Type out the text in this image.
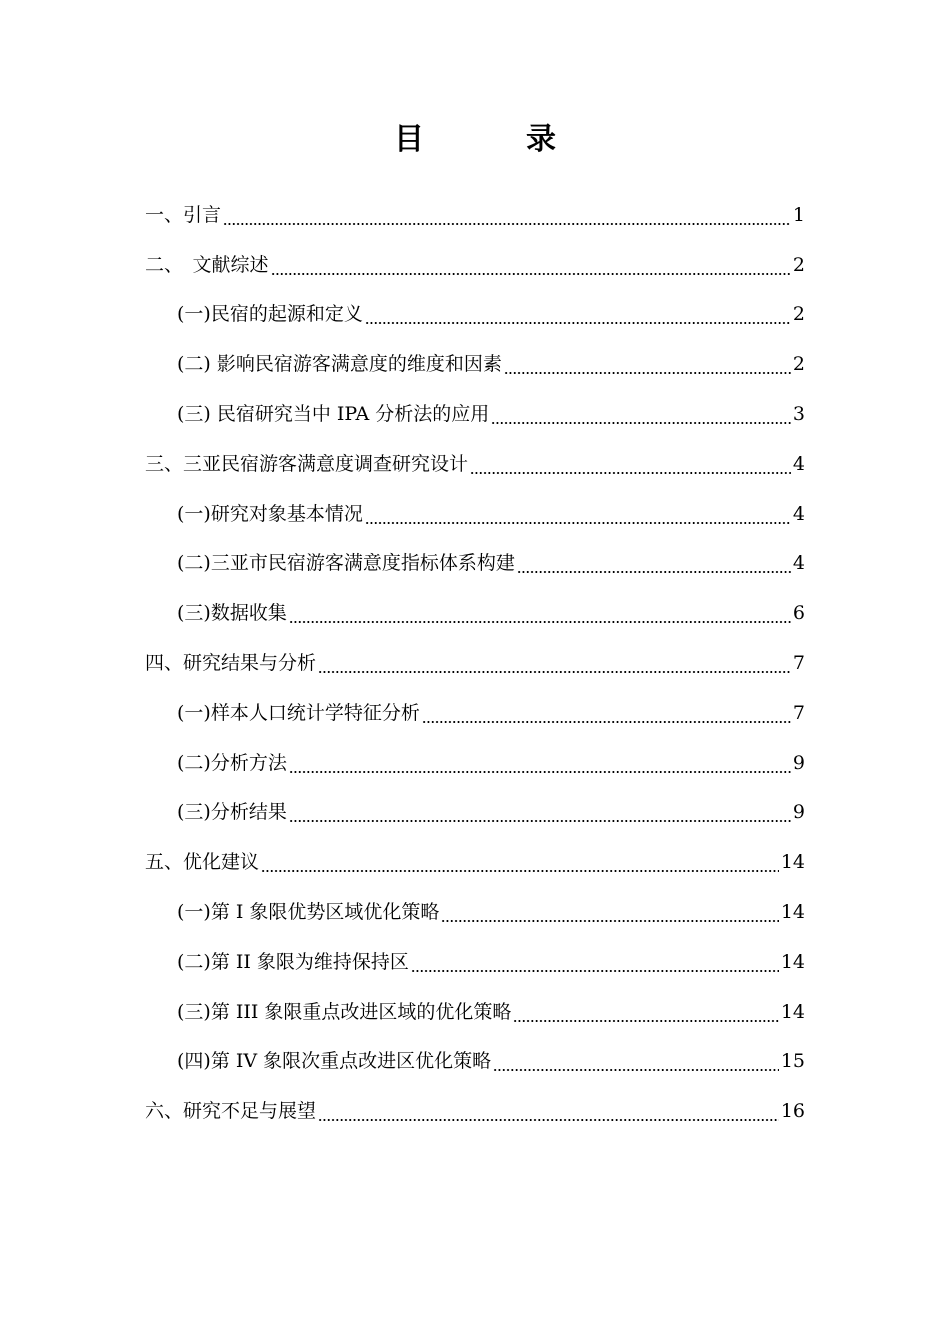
目　录
一、引言	1
二、　文献综述	2
(一)民宿的起源和定义	2
(二) 影响民宿游客满意度的维度和因素	2
(三) 民宿研究当中 IPA 分析法的应用	3
三、三亚民宿游客满意度调查研究设计	4
(一)研究对象基本情况	4
(二)三亚市民宿游客满意度指标体系构建	4
(三)数据收集	6
四、研究结果与分析	7
(一)样本人口统计学特征分析	7
(二)分析方法	9
(三)分析结果	9
五、优化建议	14
(一)第 I 象限优势区域优化策略	14
(二)第 II 象限为维持保持区	14
(三)第 III 象限重点改进区域的优化策略	14
(四)第 IV 象限次重点改进区优化策略	15
六、研究不足与展望	16
